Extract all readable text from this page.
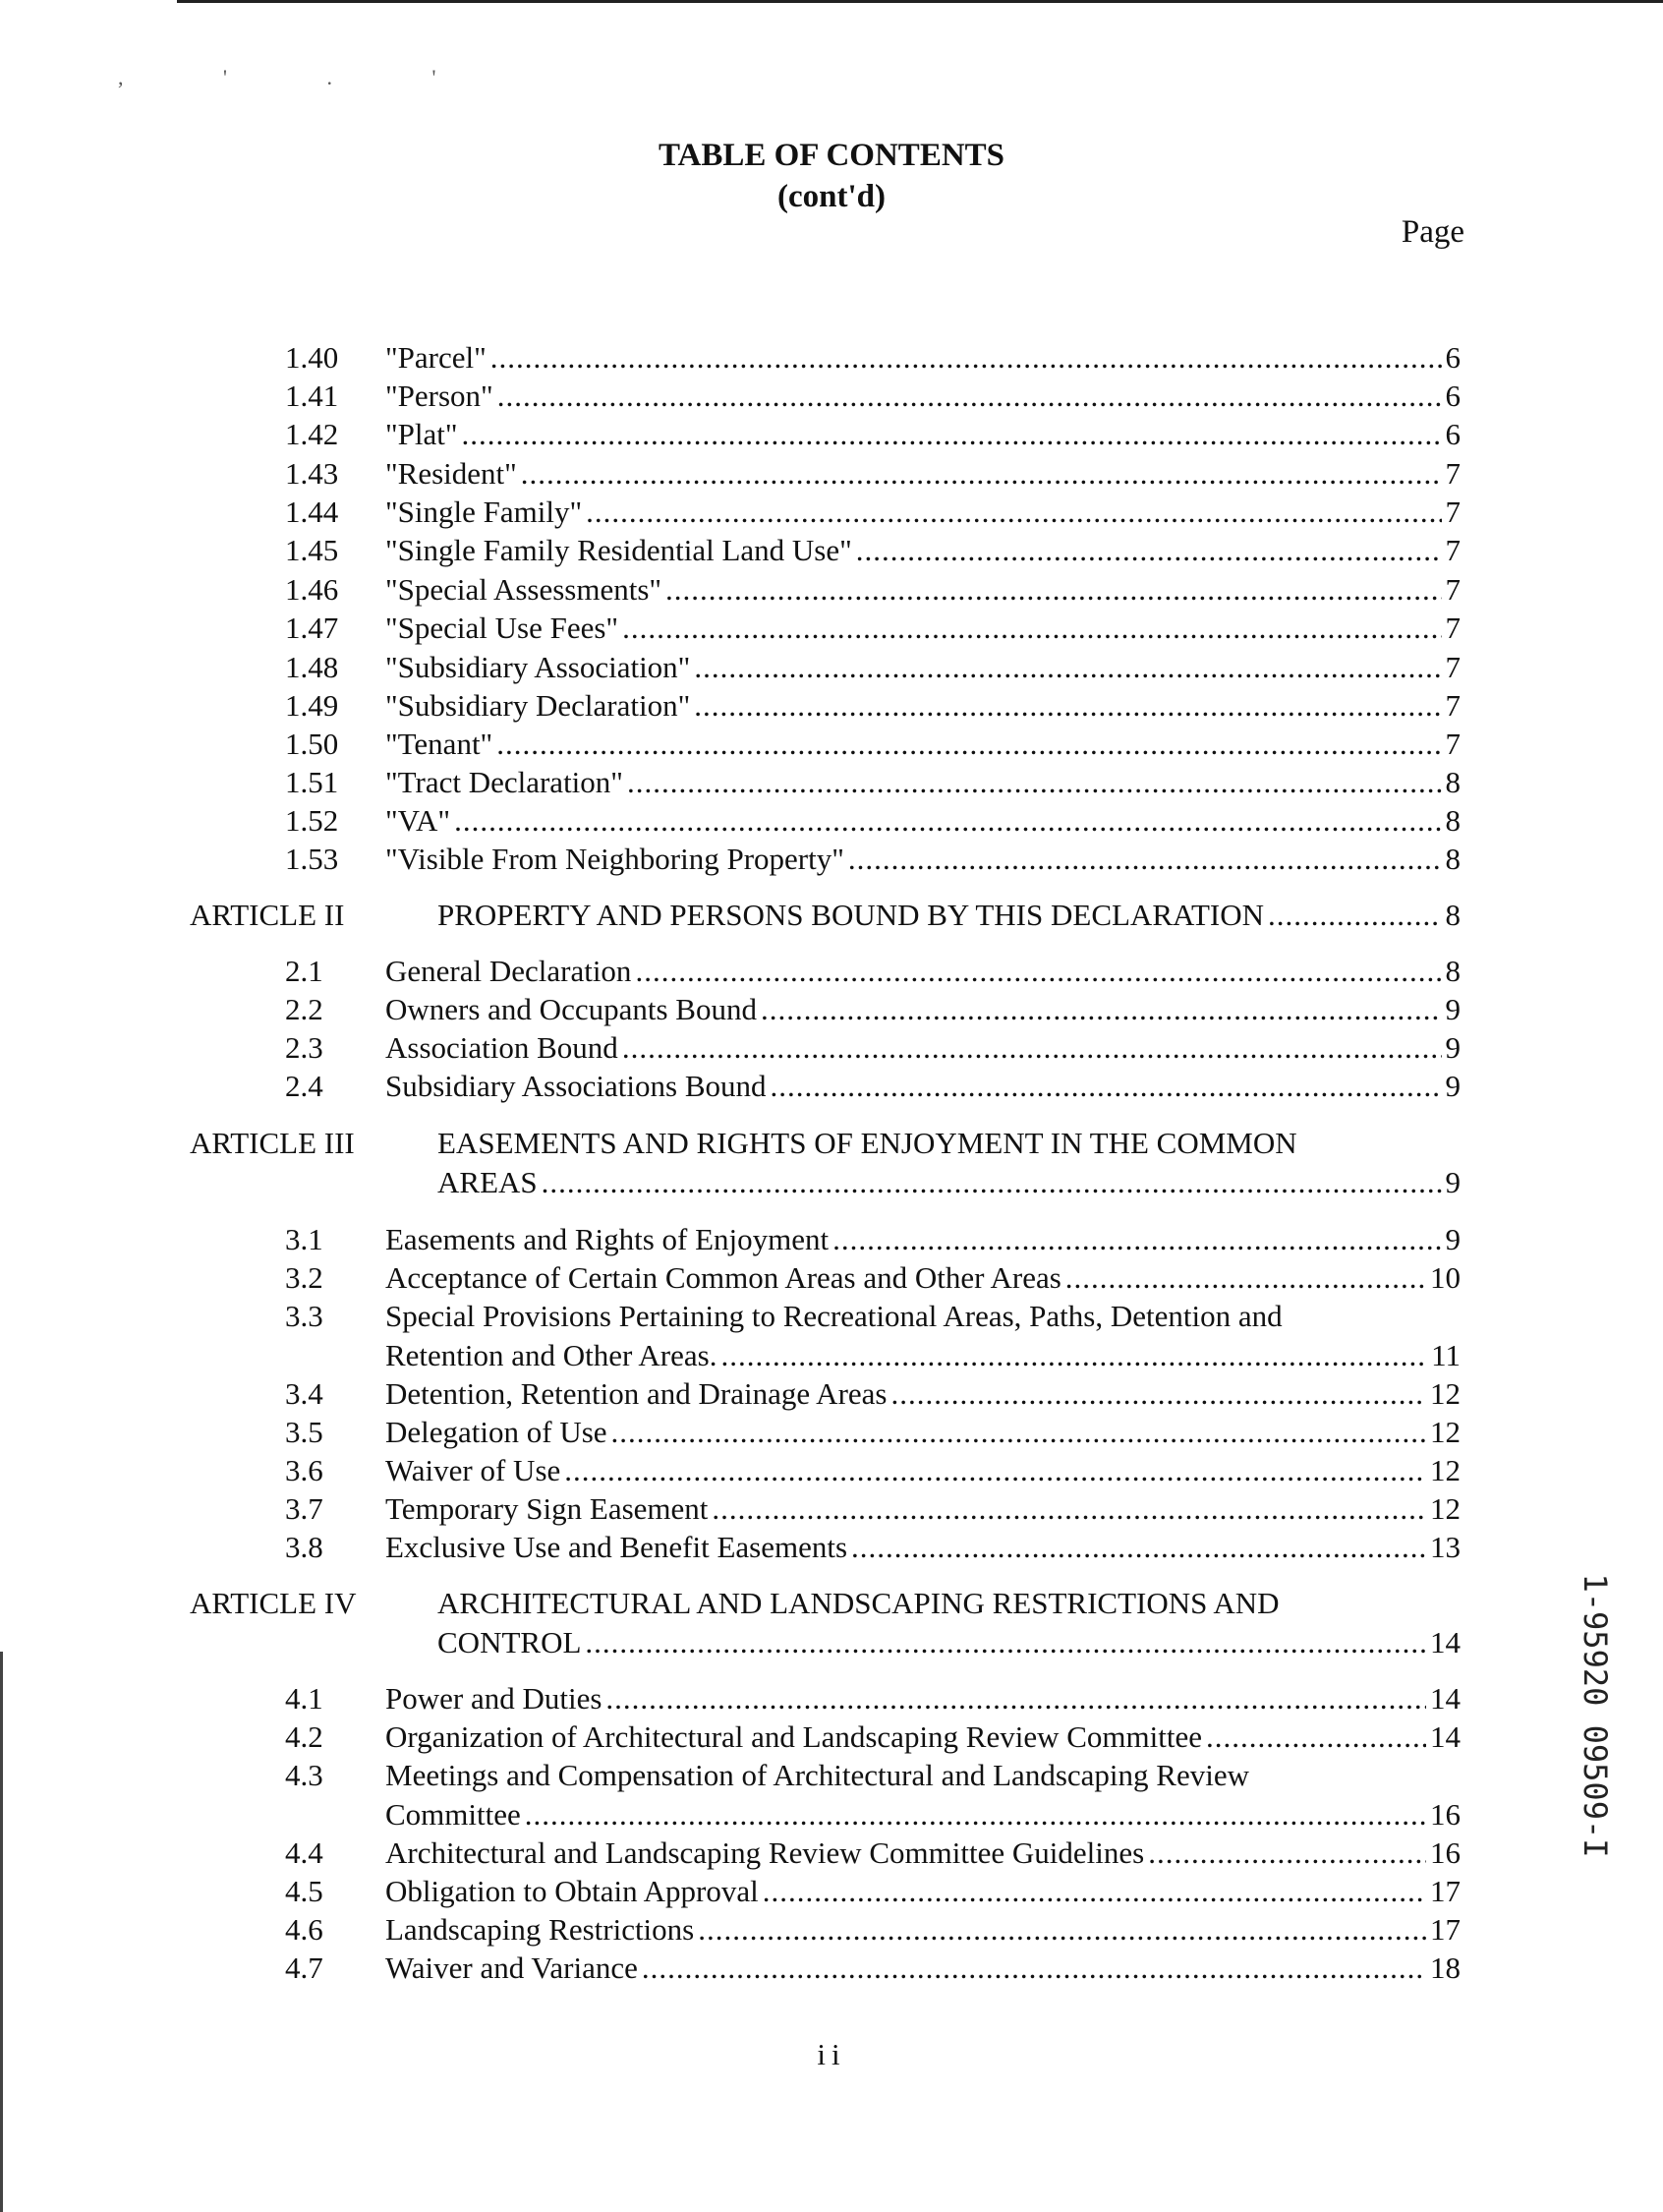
, ' . '
TABLE OF CONTENTS
(cont'd)
Page
1.40 "Parcel" .....	6
1.41 "Person" .....	6
1.42 "Plat" .....	6
1.43 "Resident" .....	7
1.44 "Single Family" .....	7
1.45 "Single Family Residential Land Use" .....	7
1.46 "Special Assessments" .....	7
1.47 "Special Use Fees" .....	7
1.48 "Subsidiary Association" .....	7
1.49 "Subsidiary Declaration" .....	7
1.50 "Tenant" .....	7
1.51 "Tract Declaration" .....	8
1.52 "VA" .....	8
1.53 "Visible From Neighboring Property" .....	8
ARTICLE II	PROPERTY AND PERSONS BOUND BY THIS DECLARATION .....	8
2.1 General Declaration .....	8
2.2 Owners and Occupants Bound .....	9
2.3 Association Bound .....	9
2.4 Subsidiary Associations Bound .....	9
ARTICLE III	EASEMENTS AND RIGHTS OF ENJOYMENT IN THE COMMON
AREAS .....	9
3.1 Easements and Rights of Enjoyment .....	9
3.2 Acceptance of Certain Common Areas and Other Areas .....	10
3.3 Special Provisions Pertaining to Recreational Areas, Paths, Detention and
Retention and Other Areas. .....	11
3.4 Detention, Retention and Drainage Areas .....	12
3.5 Delegation of Use .....	12
3.6 Waiver of Use .....	12
3.7 Temporary Sign Easement .....	12
3.8 Exclusive Use and Benefit Easements .....	13
ARTICLE IV	ARCHITECTURAL AND LANDSCAPING RESTRICTIONS AND
CONTROL .....	14
4.1 Power and Duties .....	14
4.2 Organization of Architectural and Landscaping Review Committee .....	14
4.3 Meetings and Compensation of Architectural and Landscaping Review
Committee .....	16
4.4 Architectural and Landscaping Review Committee Guidelines .....	16
4.5 Obligation to Obtain Approval .....	17
4.6 Landscaping Restrictions .....	17
4.7 Waiver and Variance .....	18
ii
1-95920 09509-I
